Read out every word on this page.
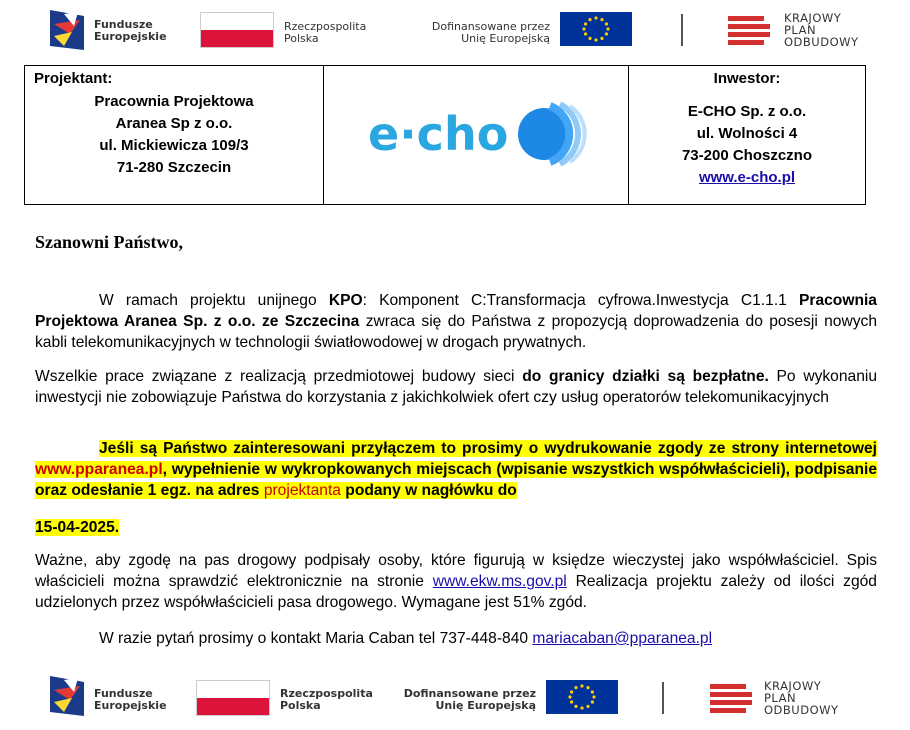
Fundusze
Europejskie
Rzeczpospolita
Polska
Dofinansowane przez
Unię Europejską
KRAJOWY
PLAN
ODBUDOWY
Projektant:
Pracownia Projektowa
Aranea Sp z o.o.
ul. Mickiewicza 109/3
71-280 Szczecin
e·cho
Inwestor:
E-CHO Sp. z o.o.
ul. Wolności 4
73-200 Choszczno
www.e-cho.pl
Szanowni Państwo,
W ramach projektu unijnego KPO: Komponent C:Transformacja cyfrowa.Inwestycja C1.1.1 Pracownia Projektowa Aranea Sp. z o.o. ze Szczecina zwraca się do Państwa z propozycją doprowadzenia do posesji nowych kabli telekomunikacyjnych w technologii światłowodowej w drogach prywatnych.
Wszelkie prace związane z realizacją przedmiotowej budowy sieci do granicy działki są bezpłatne. Po wykonaniu inwestycji nie zobowiązuje Państwa do korzystania z jakichkolwiek ofert czy usług operatorów telekomunikacyjnych
Jeśli są Państwo zainteresowani przyłączem to prosimy o wydrukowanie zgody ze strony internetowej www.pparanea.pl, wypełnienie w wykropkowanych miejscach (wpisanie wszystkich współwłaścicieli), podpisanie oraz odesłanie 1 egz. na adres projektanta podany w nagłówku do
15-04-2025.
Ważne, aby zgodę na pas drogowy podpisały osoby, które figurują w księdze wieczystej jako współwłaściciel. Spis właścicieli można sprawdzić elektronicznie na stronie www.ekw.ms.gov.pl Realizacja projektu zależy od ilości zgód udzielonych przez współwłaścicieli pasa drogowego. Wymagane jest 51% zgód.
W razie pytań prosimy o kontakt Maria Caban tel 737-448-840 mariacaban@pparanea.pl
Fundusze
Europejskie
Rzeczpospolita
Polska
Dofinansowane przez
Unię Europejską
KRAJOWY
PLAN
ODBUDOWY
